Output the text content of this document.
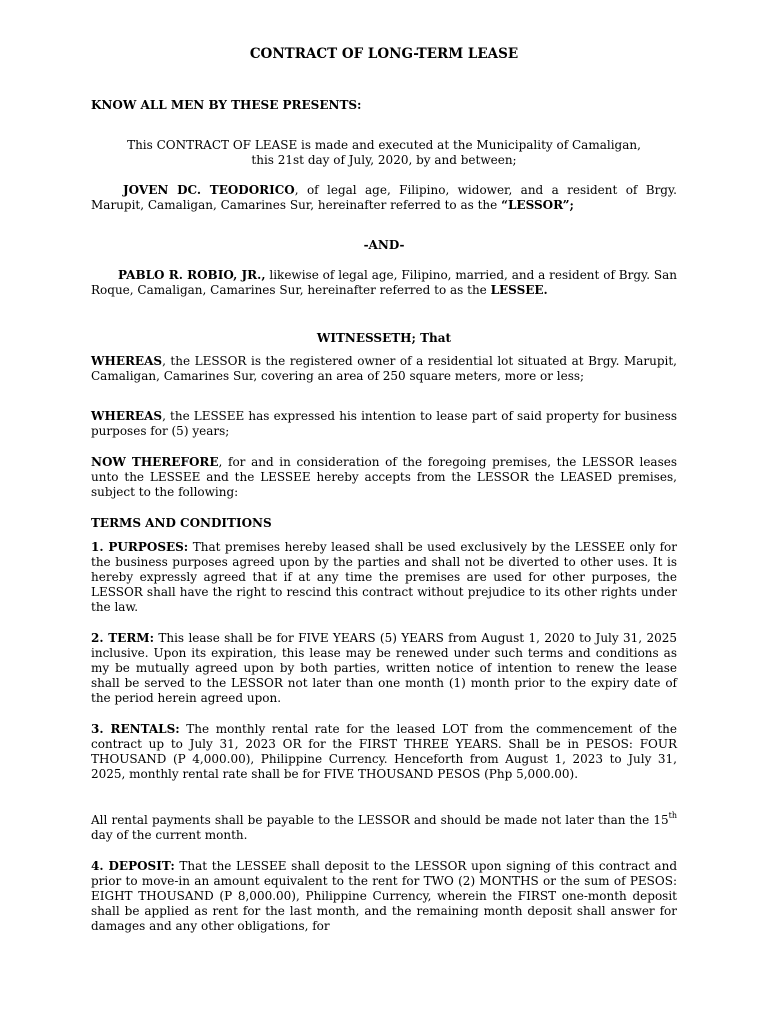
CONTRACT OF LONG-TERM LEASE
KNOW ALL MEN BY THESE PRESENTS:
This CONTRACT OF LEASE is made and executed at the Municipality of Camaligan,
this 21st day of July, 2020, by and between;
JOVEN DC. TEODORICO, of legal age, Filipino, widower, and a resident of Brgy. Marupit, Camaligan, Camarines Sur, hereinafter referred to as the “LESSOR”;
-AND-
PABLO R. ROBIO, JR., likewise of legal age, Filipino, married, and a resident of Brgy. San Roque, Camaligan, Camarines Sur, hereinafter referred to as the LESSEE.
WITNESSETH; That
WHEREAS, the LESSOR is the registered owner of a residential lot situated at Brgy. Marupit, Camaligan, Camarines Sur, covering an area of 250 square meters, more or less;
WHEREAS, the LESSEE has expressed his intention to lease part of said property for business purposes for (5) years;
NOW THEREFORE, for and in consideration of the foregoing premises, the LESSOR leases unto the LESSEE and the LESSEE hereby accepts from the LESSOR the LEASED premises, subject to the following:
TERMS AND CONDITIONS
1. PURPOSES: That premises hereby leased shall be used exclusively by the LESSEE only for the business purposes agreed upon by the parties and shall not be diverted to other uses. It is hereby expressly agreed that if at any time the premises are used for other purposes, the LESSOR shall have the right to rescind this contract without prejudice to its other rights under the law.
2. TERM: This lease shall be for FIVE YEARS (5) YEARS from August 1, 2020 to July 31, 2025 inclusive. Upon its expiration, this lease may be renewed under such terms and conditions as my be mutually agreed upon by both parties, written notice of intention to renew the lease shall be served to the LESSOR not later than one month (1) month prior to the expiry date of the period herein agreed upon.
3. RENTALS: The monthly rental rate for the leased LOT from the commencement of the contract up to July 31, 2023 OR for the FIRST THREE YEARS. Shall be in PESOS: FOUR THOUSAND (P 4,000.00), Philippine Currency. Henceforth from August 1, 2023 to July 31, 2025, monthly rental rate shall be for FIVE THOUSAND PESOS (Php 5,000.00).
All rental payments shall be payable to the LESSOR and should be made not later than the 15th day of the current month.
4. DEPOSIT: That the LESSEE shall deposit to the LESSOR upon signing of this contract and prior to move-in an amount equivalent to the rent for TWO (2) MONTHS or the sum of PESOS: EIGHT THOUSAND (P 8,000.00), Philippine Currency, wherein the FIRST one-month deposit shall be applied as rent for the last month, and the remaining month deposit shall answer for damages and any other obligations, for
